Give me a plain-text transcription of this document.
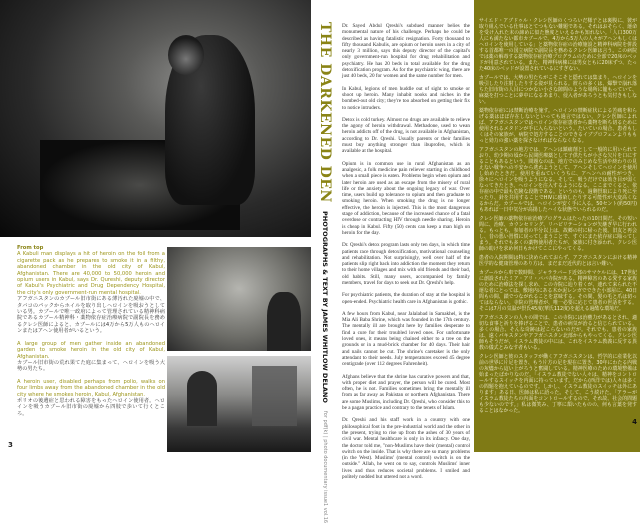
From top
A Kabuli man displays a hit of heroin on the foil from a cigarette pack as he prepares to smoke it in a filthy, abandoned chamber in the old city of Kabul, Afghanistan. There are 40,000 to 50,000 heroin and opium users in Kabul, says Dr. Qureshi, deputy director of Kabul's Psychiatric and Drug Dependency Hospital, the city's only government-run mental hospital.
アフガニスタンのカブール旧市街にある薄汚れた廃墟の中で、タバコのパックからホイルを取り出しヘロインを吸おうとしている男。カブールで唯一政府によって管理されている精神科病院であるカブール精神科・薬物依存症治療病院で副院長を務めるクレシ医師によると、カブールには4万から5万人ものヘロインまたはアヘン使用者がいるという。
A large group of men gather inside an abandoned garden to smoke heroin in the old city of Kabul, Afghanistan.
カブール旧市街の荒れ果てた庭に集まって、ヘロインを吸う大勢の男たち。
A heroin user, disabled perhaps from polio, walks on four limbs away from the abandoned chamber in the old city where he smokes heroin, Kabul, Afghanistan.
ポリオの後遺症と思われる障害をもったヘロイン使用者。ヘロインを吸うカブール旧市街の廃墟から四肢で歩いて行くところ。
3
THE DARKENED DEN PHOTOGRAPHS & TEXT BY JAMES WHITLOW DELANO for pdf(k) | photo documentary issue1 vol.16

Dr. Sayed Abdul Qreshi's subdued manner belies the monumental nature of his challenge. Perhaps he could be described as having fatalistic resignation. Forty thousand to fifty thousand Kabulis, are opium or heroin users in a city of nearly 3 million, says this deputy director of the capital's only government-run hospital for drug rehabilitation and psychiatry. He has 20 beds in total available for the drug detoxification program. As for the psychiatric wing, there are just 40 beds, 20 for women and the same number for men.

In Kabul, legions of men huddle out of sight to smoke or shoot up heroin. Many inhabit nooks and niches in the bombed-out old city; they're too absorbed on getting their fix to notice intruders.

Detox is cold turkey. Almost no drugs are available to relieve the agony of heroin withdrawal. Methadone, used to wean heroin addicts off of the drug, is not available in Afghanistan, according to Dr. Qreshi. Usually parents or their families must buy anything stronger than ibuprofen, which is available at the hospital.

Opium is in common use in rural Afghanistan as an analgesic, a folk medicine pain reliever starting in childhood when a small piece is eaten. Problems begin when opium and later heroin are used as an escape from the misery of rural life or the anxiety about the ongoing legacy of war. Over time, users build up tolerance to opium and then graduate to smoking heroin. When smoking the drug is no longer effective, the heroin is injected. This is the most dangerous stage of addiction, because of the increased chance of a fatal overdose or contracting HIV through needle sharing. Heroin is cheap in Kabul. Fifty (50) cents can keep a man high on heroin for the day.

Dr. Qreshi's detox program lasts only ten days, in which time patients race through detoxification, motivational counseling and rehabilitation. Not surprisingly, well over half of the patients slip right back into addiction the moment they return to their home villages and mix with old friends and their bad, old habits. Still, many users, accompanied by family members, travel for days to seek out Dr. Qreshi's help.

For psychiatric patients, the duration of stay at the hospital is open-ended. Psychiatric health care in Afghanistan is gothic.

A few hours from Kabul, near Jalalabad in Samakhel, is the Mia Ali Baba Shrine, which was founded in the 17th century. The mentally ill are brought here by families desperate to find a cure for their troubled loved ones. For unfortunate loved ones, it means being chained either to a tree on the grounds or in a mud-brick chamber for 40 days. Their hair and nails cannot be cut. The shrine's caretaker is the only attendant to their needs. July temperatures exceed 45 degree centigrade (over 112 degrees Fahrenheit).

Afghans believe that the shrine has curative powers and that, with proper diet and prayer, the person will be cured. Most often, he is not. Families sometimes bring the mentally ill from as far away as Pakistan or northern Afghanistan. There are some Muslims, including Dr. Qreshi, who consider this to be a pagan practice and contrary to the tenets of Islam.

Dr. Qreshi and his staff work in a country with one philosophical foot in the pre-industrial world and the other in the present, trying to rise up from the ashes of 30 years of civil war. Mental healthcare is only in its infancy. One day, the doctor told me, "non-Muslims have their (mental) control switch on the inside. That is why there are so many problems (in the West). Muslims' (mental control) switch is on the outside." Allah, he went on to say, controls Muslims' inner lives and thus reduces societal problems. I smiled and politely nodded but uttered not a word.

サイエド・アブドゥル・クレシ医師のくつろいだ様子とは裏腹に、彼が取り組んでいる仕事はとてつもない難題である。それはおそらく、運命を受け入れた末の諦めに似た態度といえるかも知れない。「人口300万人にも満たない都市カブールで、4万から5万人の人々がアヘンもしくはヘロインを使用している」と薬物依存症の治療施設と精神科病院を併設する首都唯一の国立病院で副院長を務めるクレシ医師は言う。この病院では薬の解毒する薬物依存症治療プログラムのために全部で20床のベッドが用意されている。また、精神科病棟には男女ともに20床ずつ、たった40床のベッドが設置されているにすぎない。

カブールでは、大勢の男たちがこそこそと隠れては集まり、ヘロインを吸引したり注射したりする姿が見られる。彼らの多くは、爆撃で崩れ落ちた旧市街の人目につかない小さな隙間のような場所に籠もっていて、麻薬を打つことに夢中になるあまり、侵入者があろうとも気付きもしない。

薬物依存症には禁断治療を施す。ヘロインの禁断症状による苦痛を和らげる薬はほぼ存在しないといっても過言ではない。クレシ医師によれば、アフガニスタンではヘロイン依存症患者から薬物を断ち切るために使用されるメタドンが手に入らないという。たいていの場合、患者もしくはその家族が、病院で処方することのできるイブプロフェンよりももっと効力の強い薬を探さなければならなくなる。

アフガニスタンの地方では、アヘンは鎮痛剤として一般的に用いられており、幼少期の頃から民間医療薬として子供たちが小さな欠片を口にすることもあるという。問題なのは、地方でのみじめな生活や終わりの見えない戦争への不安から逃れようとして、アヘンそしてヘロインを使用し始めたときだ。使用を重ねていくうちに、アヘンへの耐性がつき、徐々にヘロインを吸うようになる。そして、吸うだけでは効き目が弱くなってきたとき、ヘロインを注入するようになる。ここまでくると、依存症の中で最も危険な段階である。というのも、過剰摂取により死に至ったり、針を共用することでHIVに感染したりする可能性が大変高くなるからだ。カブールでは、ヘロインが安く手に入る。50セント(約50円)もあれば一日中気分が高揚したハイな状態でいられるのだ。

クレシ医師の薬物依存症治療プログラムはたったの10日間だ。その短い間に、治療、カウンセリング、リハビリテーションが矢継ぎ早に行われる。もっとも、参加者の半分以上は、故郷の村に帰った後、旧友と再会し、昔の悪い習慣に戻ってしまうことで、すぐにまた依存症に陥ってしまう。それでも多くの薬物使用者たちが、家族に付き添われ、クレシ医師の助けを求め何日もかけてここにやってくる。

患者の入院期間は特に決められておらず、アフガニスタンにおける精神医学的な健康管理のあり方は、まだまだ近代的とは言い難い。

カブールから車で数時間、ジャララバード近郊のサマケルには、17世紀に創設されたミア・アリ・ババ寺院がある。精神障害のある愛する家族のために治療法を探し求め、この寺院に辿り着くが、連れて来られた不運な者にとっては、敷地内にある木か泥レンガでできた小部屋に、40日間もの間、鎖でつながれることを意味する。その間、髪の毛と爪は切ってはならない。寺院の管理者が、唯一必要に応じて患者の世話をする。そこは7月の気温が摂氏45度(華氏112度)を超える過酷な環境だ。

アフガニスタンの人々の間では、この寺院には治癒力があるとされ、適切な食事と祈りを捧げることで、患者の病気が治ると信じられている。多くの場合、そんな奇跡は起こらないのだが。それでも、患者の家族は、遠くパキスタンやアフガニスタン北部からもやってくる。クレシ医師もそうだが、イスラム教徒の中には、これをイスラム教義に反する異教の儀式とみなす者もいる。

クレシ医師と彼のスタッフが働くアフガニスタンは、哲学的に産業化以前の世界に片足を置き、もう片方の足を現在に置き、30年にわたる内戦の灰燼から這い上がろうと奮闘している。精神医療のための環境整備は始まったばかりなのだ。「イスラム教徒でない人々は、精神をコントロールするスイッチを内面に持っています。だから(西洋では)人々は多くの問題を抱えているのです。しかし、イスラム教徒のスイッチは外にあります」ある日、医師は私に語った。そして、こう続けた。「アラーがイスラム教徒たちの内面をコントロールするので、それ故、社会的問題も少ないのです。」私は微笑み、丁寧に頷いたものの、何も言葉を発することはなかった。

4
